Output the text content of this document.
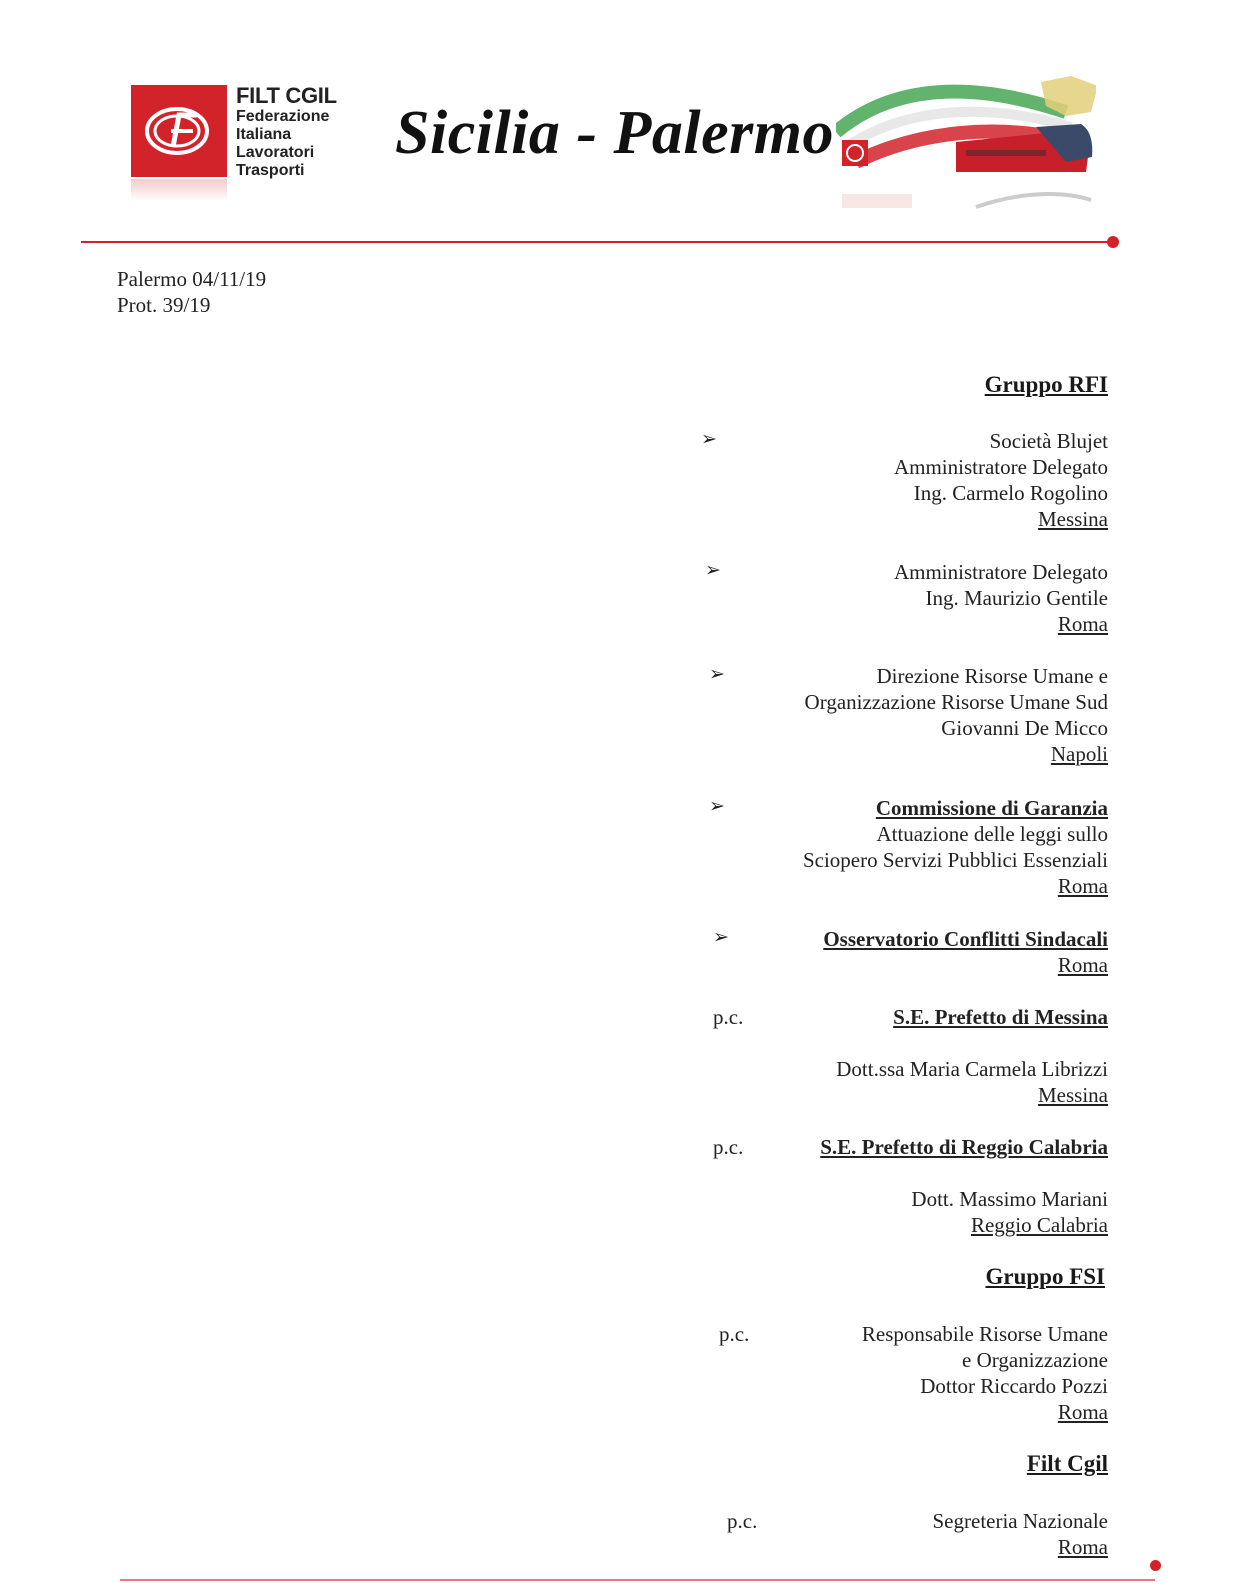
FILT CGIL
Federazione
Italiana
Lavoratori
Trasporti
Sicilia - Palermo
Palermo 04/11/19
Prot. 39/19
Gruppo RFI
➢	Società Blujet
Amministratore Delegato
Ing. Carmelo Rogolino
Messina
➢	Amministratore Delegato
Ing. Maurizio Gentile
Roma
➢	Direzione Risorse Umane e
Organizzazione Risorse Umane Sud
Giovanni De Micco
Napoli
➢	Commissione di Garanzia
Attuazione delle leggi sullo
Sciopero Servizi Pubblici Essenziali
Roma
➢	Osservatorio Conflitti Sindacali
Roma
p.c.	S.E. Prefetto di Messina
Dott.ssa Maria Carmela Librizzi
Messina
p.c.	S.E. Prefetto di Reggio Calabria
Dott. Massimo Mariani
Reggio Calabria
Gruppo FSI
p.c.	Responsabile Risorse Umane
e Organizzazione
Dottor Riccardo Pozzi
Roma
Filt Cgil
p.c.	Segreteria Nazionale
Roma
